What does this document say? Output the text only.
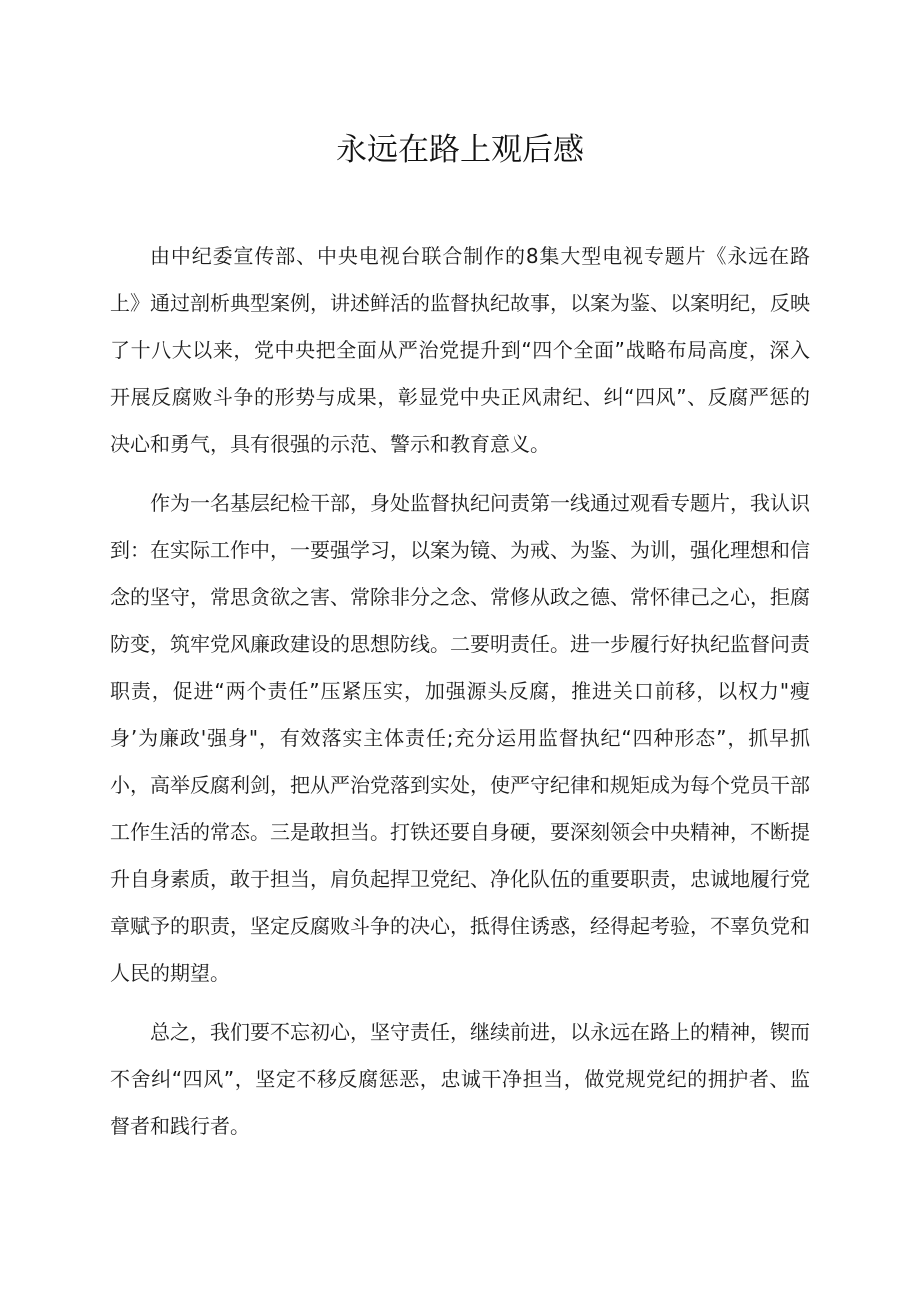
永远在路上观后感

由中纪委宣传部、中央电视台联合制作的8集大型电视专题片《永远在路上》通过剖析典型案例，讲述鲜活的监督执纪故事，以案为鉴、以案明纪，反映了十八大以来，党中央把全面从严治党提升到“四个全面”战略布局高度，深入开展反腐败斗争的形势与成果，彰显党中央正风肃纪、纠“四风”、反腐严惩的决心和勇气，具有很强的示范、警示和教育意义。

作为一名基层纪检干部，身处监督执纪问责第一线通过观看专题片，我认识到：在实际工作中，一要强学习，以案为镜、为戒、为鉴、为训，强化理想和信念的坚守，常思贪欲之害、常除非分之念、常修从政之德、常怀律己之心，拒腐防变，筑牢党风廉政建设的思想防线。二要明责任。进一步履行好执纪监督问责职责，促进“两个责任”压紧压实，加强源头反腐，推进关口前移，以权力"瘦身’为廉政'强身"，有效落实主体责任;充分运用监督执纪“四种形态”，抓早抓小，高举反腐利剑，把从严治党落到实处，使严守纪律和规矩成为每个党员干部工作生活的常态。三是敢担当。打铁还要自身硬，要深刻领会中央精神，不断提升自身素质，敢于担当，肩负起捍卫党纪、净化队伍的重要职责，忠诚地履行党章赋予的职责，坚定反腐败斗争的决心，抵得住诱惑，经得起考验，不辜负党和人民的期望。

总之，我们要不忘初心，坚守责任，继续前进，以永远在路上的精神，锲而不舍纠“四风”，坚定不移反腐惩恶，忠诚干净担当，做党规党纪的拥护者、监督者和践行者。
